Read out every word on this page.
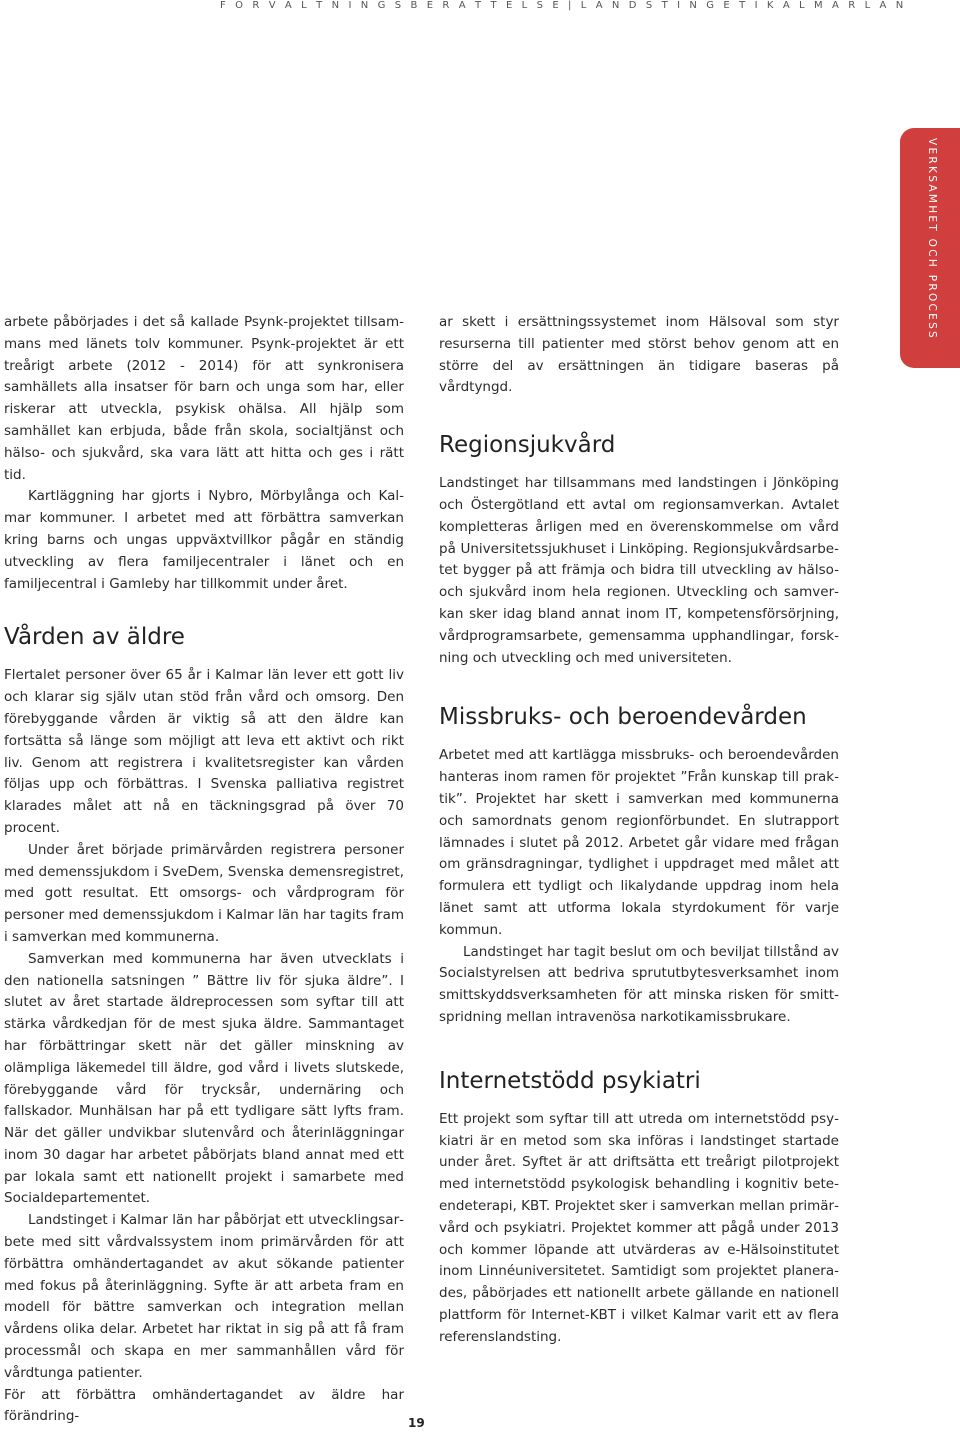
F Ö R V A L T N I N G S B E R Ä T T E L S E | L A N D S T I N G E T I K A L M A R L Ä N
VERKSAMHET OCH PROCESS

arbete påbörjades i det så kallade Psynk-projektet tillsammans med länets tolv kommuner. Psynk-projektet är ett treårigt arbete (2012 - 2014) för att synkronisera samhällets alla insatser för barn och unga som har, eller riskerar att utveckla, psykisk ohälsa. All hjälp som samhället kan erbjuda, både från skola, socialtjänst och hälso- och sjukvård, ska vara lätt att hitta och ges i rätt tid.

Kartläggning har gjorts i Nybro, Mörbylånga och Kalmar kommuner. I arbetet med att förbättra samverkan kring barns och ungas uppväxtvillkor pågår en ständig utveckling av flera familjecentraler i länet och en familjecentral i Gamleby har tillkommit under året.

Vården av äldre

Flertalet personer över 65 år i Kalmar län lever ett gott liv och klarar sig själv utan stöd från vård och omsorg. Den förebyggande vården är viktig så att den äldre kan fortsätta så länge som möjligt att leva ett aktivt och rikt liv. Genom att registrera i kvalitetsregister kan vården följas upp och förbättras. I Svenska palliativa registret klarades målet att nå en täckningsgrad på över 70 procent.

Under året började primärvården registrera personer med demenssjukdom i SveDem, Svenska demensregistret, med gott resultat. Ett omsorgs- och vårdprogram för personer med demenssjukdom i Kalmar län har tagits fram i samverkan med kommunerna.

Samverkan med kommunerna har även utvecklats i den nationella satsningen ” Bättre liv för sjuka äldre”. I slutet av året startade äldreprocessen som syftar till att stärka vårdkedjan för de mest sjuka äldre. Sammantaget har förbättringar skett när det gäller minskning av olämpliga läkemedel till äldre, god vård i livets slutskede, förebyggande vård för trycksår, undernäring och fallskador. Munhälsan har på ett tydligare sätt lyfts fram. När det gäller undvikbar slutenvård och återinläggningar inom 30 dagar har arbetet påbörjats bland annat med ett par lokala samt ett nationellt projekt i samarbete med Socialdepartementet.

Landstinget i Kalmar län har påbörjat ett utvecklingsarbete med sitt vårdvalssystem inom primärvården för att förbättra omhändertagandet av akut sökande patienter med fokus på återinläggning. Syfte är att arbeta fram en modell för bättre samverkan och integration mellan vårdens olika delar. Arbetet har riktat in sig på att få fram processmål och skapa en mer sammanhållen vård för vårdtunga patienter.

För att förbättra omhändertagandet av äldre har förändring-

ar skett i ersättningssystemet inom Hälsoval som styr resurserna till patienter med störst behov genom att en större del av ersättningen än tidigare baseras på vårdtyngd.

Regionsjukvård

Landstinget har tillsammans med landstingen i Jönköping och Östergötland ett avtal om regionsamverkan. Avtalet kompletteras årligen med en överenskommelse om vård på Universitetssjukhuset i Linköping. Regionsjukvårdsarbetet bygger på att främja och bidra till utveckling av hälso- och sjukvård inom hela regionen. Utveckling och samverkan sker idag bland annat inom IT, kompetensförsörjning, vårdprogramsarbete, gemensamma upphandlingar, forskning och utveckling och med universiteten.

Missbruks- och beroendevården

Arbetet med att kartlägga missbruks- och beroendevården hanteras inom ramen för projektet ”Från kunskap till praktik”. Projektet har skett i samverkan med kommunerna och samordnats genom regionförbundet. En slutrapport lämnades i slutet på 2012. Arbetet går vidare med frågan om gränsdragningar, tydlighet i uppdraget med målet att formulera ett tydligt och likalydande uppdrag inom hela länet samt att utforma lokala styrdokument för varje kommun.

Landstinget har tagit beslut om och beviljat tillstånd av Socialstyrelsen att bedriva sprututbytesverksamhet inom smittskyddsverksamheten för att minska risken för smittspridning mellan intravenösa narkotikamissbrukare.

Internetstödd psykiatri

Ett projekt som syftar till att utreda om internetstödd psykiatri är en metod som ska införas i landstinget startade under året. Syftet är att driftsätta ett treårigt pilotprojekt med internetstödd psykologisk behandling i kognitiv beteendeterapi, KBT. Projektet sker i samverkan mellan primärvård och psykiatri. Projektet kommer att pågå under 2013 och kommer löpande att utvärderas av e-Hälsoinstitutet inom Linnéuniversitetet. Samtidigt som projektet planerades, påbörjades ett nationellt arbete gällande en nationell plattform för Internet-KBT i vilket Kalmar varit ett av flera referenslandsting.

19
